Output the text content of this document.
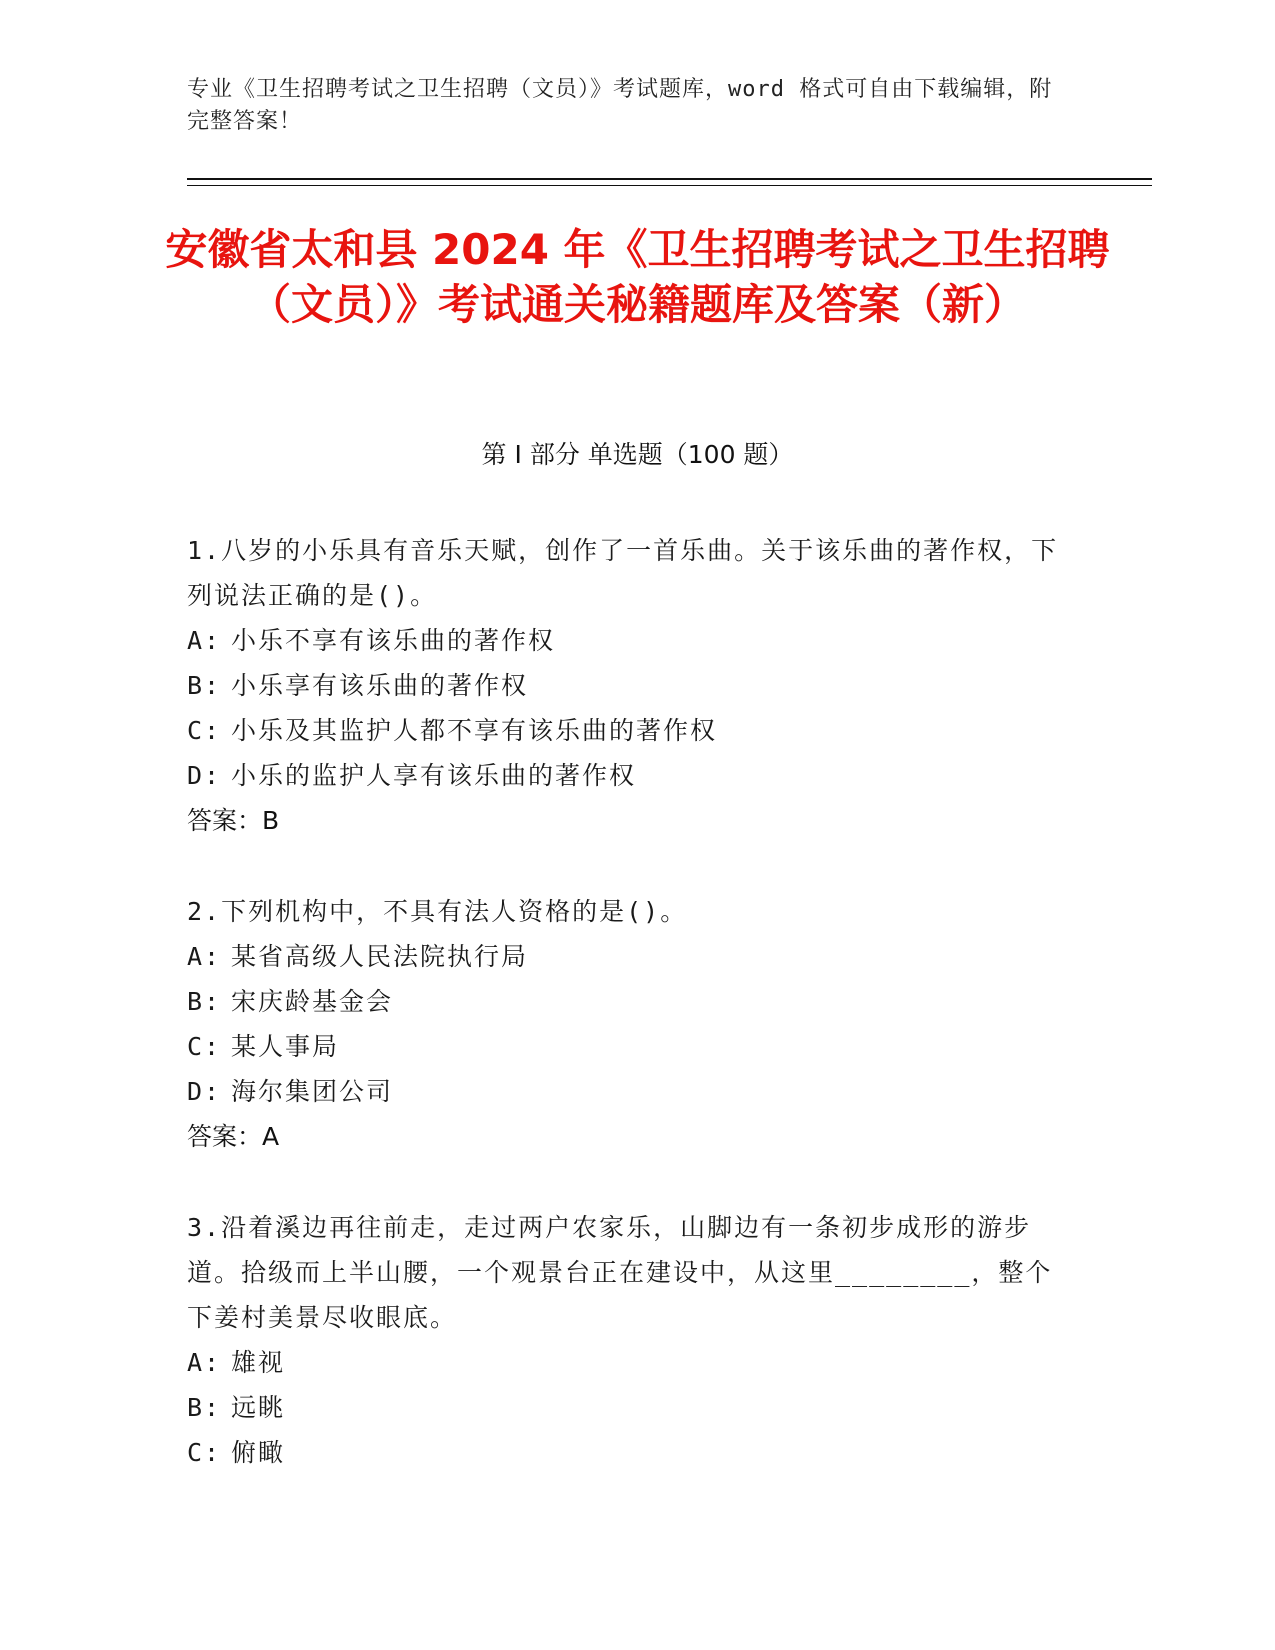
专业《卫生招聘考试之卫生招聘（文员）》考试题库，word 格式可自由下载编辑，附完整答案！
安徽省太和县 2024 年《卫生招聘考试之卫生招聘（文员）》考试通关秘籍题库及答案（新）
第 I 部分 单选题（100 题）
1.八岁的小乐具有音乐天赋，创作了一首乐曲。关于该乐曲的著作权，下列说法正确的是()。
A: 小乐不享有该乐曲的著作权
B: 小乐享有该乐曲的著作权
C: 小乐及其监护人都不享有该乐曲的著作权
D: 小乐的监护人享有该乐曲的著作权
答案：B
2.下列机构中，不具有法人资格的是()。
A: 某省高级人民法院执行局
B: 宋庆龄基金会
C: 某人事局
D: 海尔集团公司
答案：A
3.沿着溪边再往前走，走过两户农家乐，山脚边有一条初步成形的游步道。拾级而上半山腰，一个观景台正在建设中，从这里________，整个下姜村美景尽收眼底。
A: 雄视
B: 远眺
C: 俯瞰
